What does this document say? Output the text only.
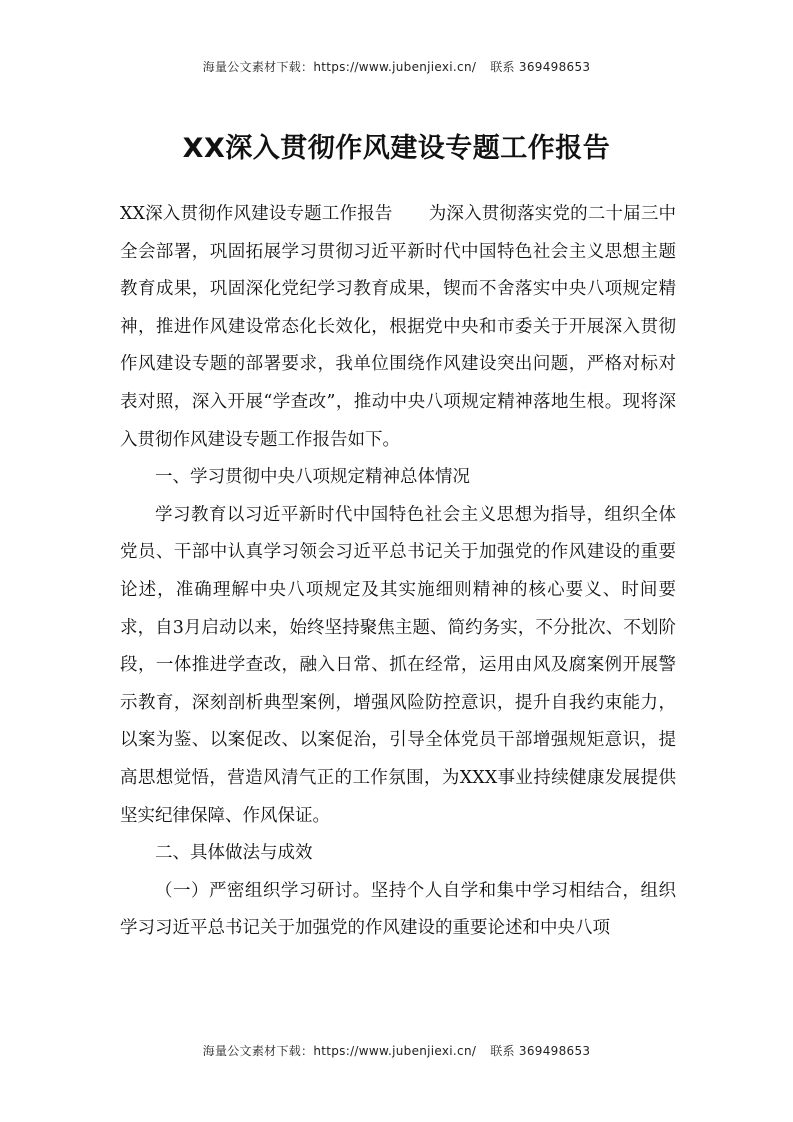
海量公文素材下载：https://www.jubenjiexi.cn/ 联系 369498653
XX深入贯彻作风建设专题工作报告

XX深入贯彻作风建设专题工作报告 为深入贯彻落实党的二十届三中全会部署，巩固拓展学习贯彻习近平新时代中国特色社会主义思想主题教育成果，巩固深化党纪学习教育成果，锲而不舍落实中央八项规定精神，推进作风建设常态化长效化，根据党中央和市委关于开展深入贯彻作风建设专题的部署要求，我单位围绕作风建设突出问题，严格对标对表对照，深入开展“学查改”，推动中央八项规定精神落地生根。现将深入贯彻作风建设专题工作报告如下。

一、学习贯彻中央八项规定精神总体情况

学习教育以习近平新时代中国特色社会主义思想为指导，组织全体党员、干部中认真学习领会习近平总书记关于加强党的作风建设的重要论述，准确理解中央八项规定及其实施细则精神的核心要义、时间要求，自3月启动以来，始终坚持聚焦主题、简约务实，不分批次、不划阶段，一体推进学查改，融入日常、抓在经常，运用由风及腐案例开展警示教育，深刻剖析典型案例，增强风险防控意识，提升自我约束能力，以案为鉴、以案促改、以案促治，引导全体党员干部增强规矩意识，提高思想觉悟，营造风清气正的工作氛围，为XXX事业持续健康发展提供坚实纪律保障、作风保证。

二、具体做法与成效

（一）严密组织学习研讨。坚持个人自学和集中学习相结合，组织学习习近平总书记关于加强党的作风建设的重要论述和中央八项

海量公文素材下载：https://www.jubenjiexi.cn/ 联系 369498653
